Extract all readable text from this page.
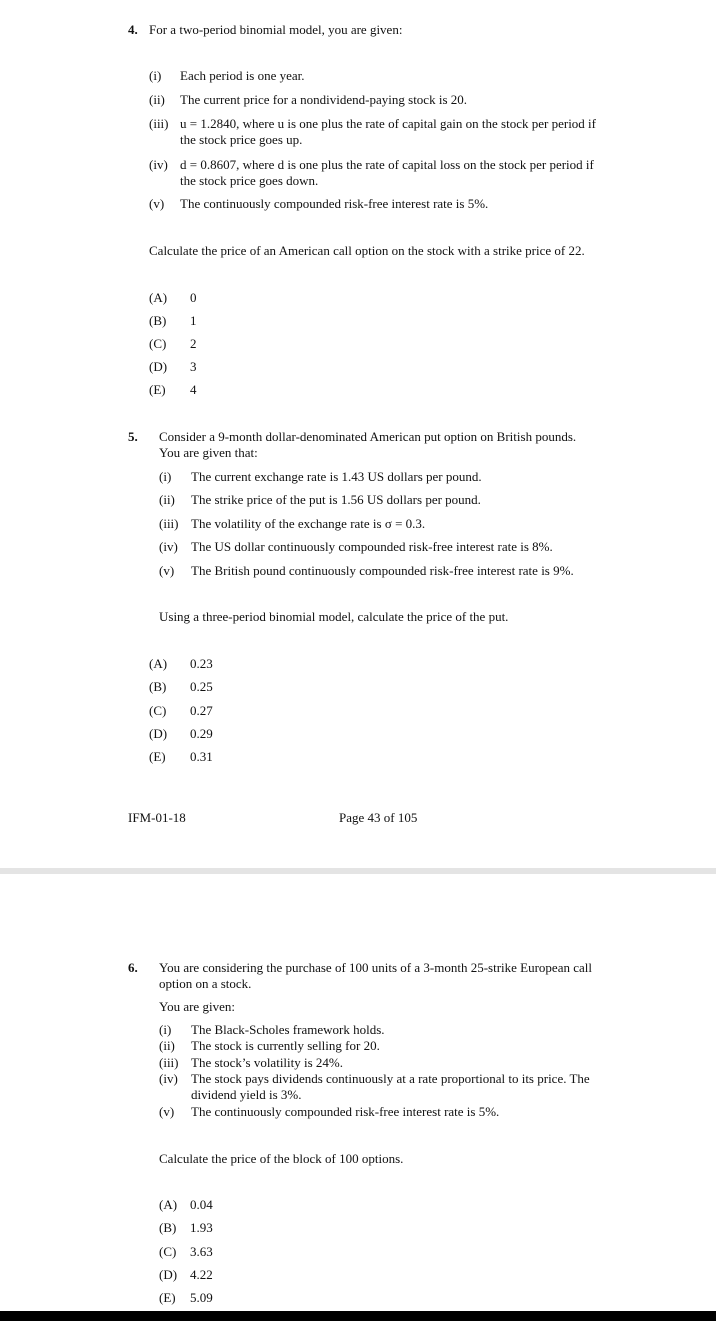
4. For a two-period binomial model, you are given:
(i) Each period is one year.
(ii) The current price for a nondividend-paying stock is 20.
(iii) u = 1.2840, where u is one plus the rate of capital gain on the stock per period if
the stock price goes up.
(iv) d = 0.8607, where d is one plus the rate of capital loss on the stock per period if
the stock price goes down.
(v) The continuously compounded risk-free interest rate is 5%.
Calculate the price of an American call option on the stock with a strike price of 22.
(A) 0
(B) 1
(C) 2
(D) 3
(E) 4
5. Consider a 9-month dollar-denominated American put option on British pounds.
You are given that:
(i) The current exchange rate is 1.43 US dollars per pound.
(ii) The strike price of the put is 1.56 US dollars per pound.
(iii) The volatility of the exchange rate is σ = 0.3.
(iv) The US dollar continuously compounded risk-free interest rate is 8%.
(v) The British pound continuously compounded risk-free interest rate is 9%.
Using a three-period binomial model, calculate the price of the put.
(A) 0.23
(B) 0.25
(C) 0.27
(D) 0.29
(E) 0.31
IFM-01-18	Page 43 of 105
6. You are considering the purchase of 100 units of a 3-month 25-strike European call
option on a stock.
You are given:
(i) The Black-Scholes framework holds.
(ii) The stock is currently selling for 20.
(iii) The stock’s volatility is 24%.
(iv) The stock pays dividends continuously at a rate proportional to its price. The
dividend yield is 3%.
(v) The continuously compounded risk-free interest rate is 5%.
Calculate the price of the block of 100 options.
(A) 0.04
(B) 1.93
(C) 3.63
(D) 4.22
(E) 5.09
